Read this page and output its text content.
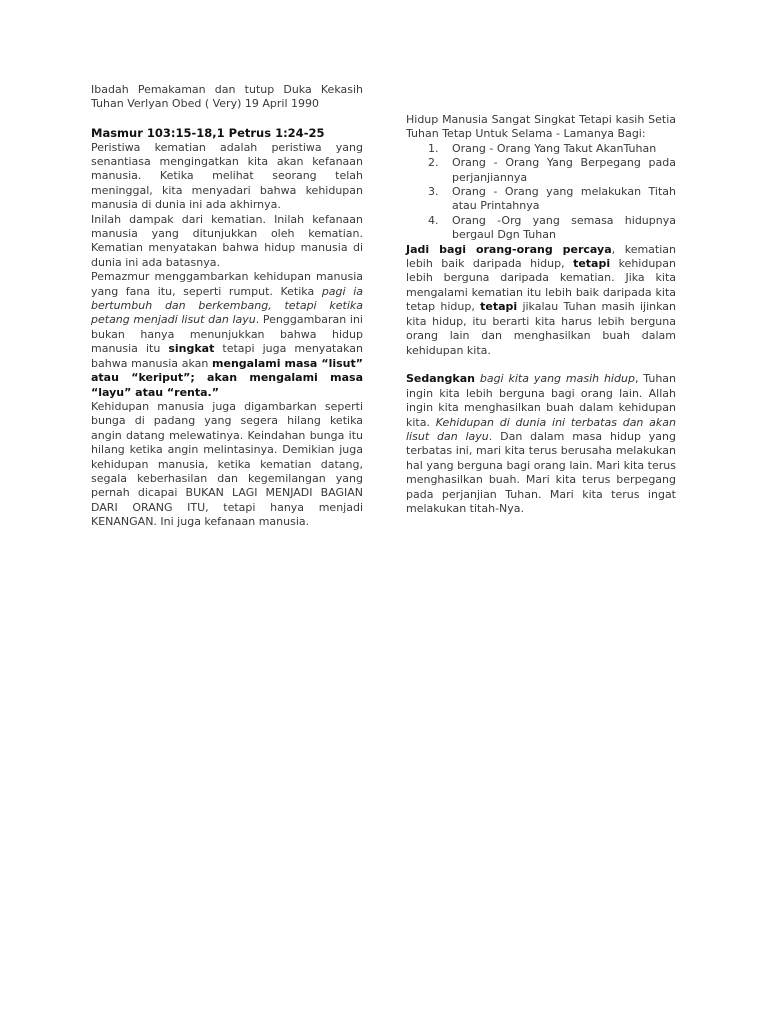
Ibadah Pemakaman dan tutup Duka Kekasih Tuhan Verlyan Obed ( Very) 19 April 1990

Masmur 103:15-18,1 Petrus 1:24-25

Peristiwa kematian adalah peristiwa yang senantiasa mengingatkan kita akan kefanaan manusia. Ketika melihat seorang telah meninggal, kita menyadari bahwa kehidupan manusia di dunia ini ada akhirnya.

Inilah dampak dari kematian. Inilah kefanaan manusia yang ditunjukkan oleh kematian. Kematian menyatakan bahwa hidup manusia di dunia ini ada batasnya.

Pemazmur menggambarkan kehidupan manusia yang fana itu, seperti rumput. Ketika pagi ia bertumbuh dan berkembang, tetapi ketika petang menjadi lisut dan layu. Penggambaran ini bukan hanya menunjukkan bahwa hidup manusia itu singkat tetapi juga menyatakan bahwa manusia akan mengalami masa “lisut” atau “keriput”; akan mengalami masa “layu” atau “renta.”

Kehidupan manusia juga digambarkan seperti bunga di padang yang segera hilang ketika angin datang melewatinya. Keindahan bunga itu hilang ketika angin melintasinya. Demikian juga kehidupan manusia, ketika kematian datang, segala keberhasilan dan kegemilangan yang pernah dicapai BUKAN LAGI MENJADI BAGIAN DARI ORANG ITU, tetapi hanya menjadi KENANGAN. Ini juga kefanaan manusia.

Hidup Manusia Sangat Singkat Tetapi kasih Setia Tuhan Tetap Untuk Selama - Lamanya Bagi:

1.	Orang - Orang Yang Takut AkanTuhan
2.	Orang - Orang Yang Berpegang pada perjanjiannya
3.	Orang - Orang yang melakukan Titah atau Printahnya
4.	Orang -Org yang semasa hidupnya bergaul Dgn Tuhan

Jadi bagi orang-orang percaya, kematian lebih baik daripada hidup, tetapi kehidupan lebih berguna daripada kematian. Jika kita mengalami kematian itu lebih baik daripada kita tetap hidup, tetapi jikalau Tuhan masih ijinkan kita hidup, itu berarti kita harus lebih berguna orang lain dan menghasilkan buah dalam kehidupan kita.

Sedangkan bagi kita yang masih hidup, Tuhan ingin kita lebih berguna bagi orang lain. Allah ingin kita menghasilkan buah dalam kehidupan kita. Kehidupan di dunia ini terbatas dan akan lisut dan layu. Dan dalam masa hidup yang terbatas ini, mari kita terus berusaha melakukan hal yang berguna bagi orang lain. Mari kita terus menghasilkan buah. Mari kita terus berpegang pada perjanjian Tuhan. Mari kita terus ingat melakukan titah-Nya.
